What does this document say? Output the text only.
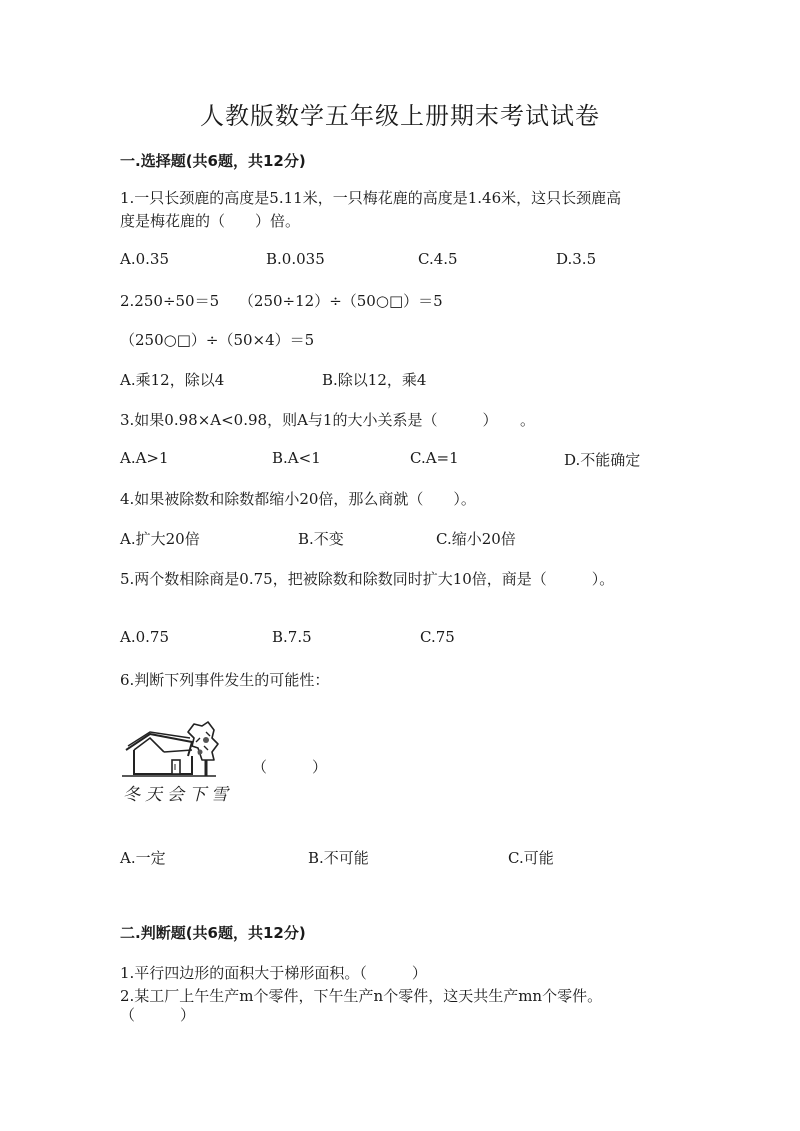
人教版数学五年级上册期末考试试卷
一.选择题(共6题，共12分)
1.一只长颈鹿的高度是5.11米，一只梅花鹿的高度是1.46米，这只长颈鹿高
度是梅花鹿的（　　）倍。
A.0.35	B.0.035	C.4.5	D.3.5
2.250÷50＝5　 （250÷12）÷（50○□）＝5
（250○□）÷（50×4）＝5
A.乘12，除以4	B.除以12，乘4
3.如果0.98×A<0.98，则A与1的大小关系是（　　　）　　。
A.A>1	B.A<1	C.A=1	D.不能确定
4.如果被除数和除数都缩小20倍，那么商就（　　）。
A.扩大20倍	B.不变	C.缩小20倍
5.两个数相除商是0.75，把被除数和除数同时扩大10倍，商是（　　　）。
A.0.75	B.7.5	C.75
6.判断下列事件发生的可能性：
冬天会下雪
（　　　）
A.一定	B.不可能	C.可能
二.判断题(共6题，共12分)
1.平行四边形的面积大于梯形面积。（　　　）
2.某工厂上午生产m个零件，下午生产n个零件，这天共生产mn个零件。
（　　　）
